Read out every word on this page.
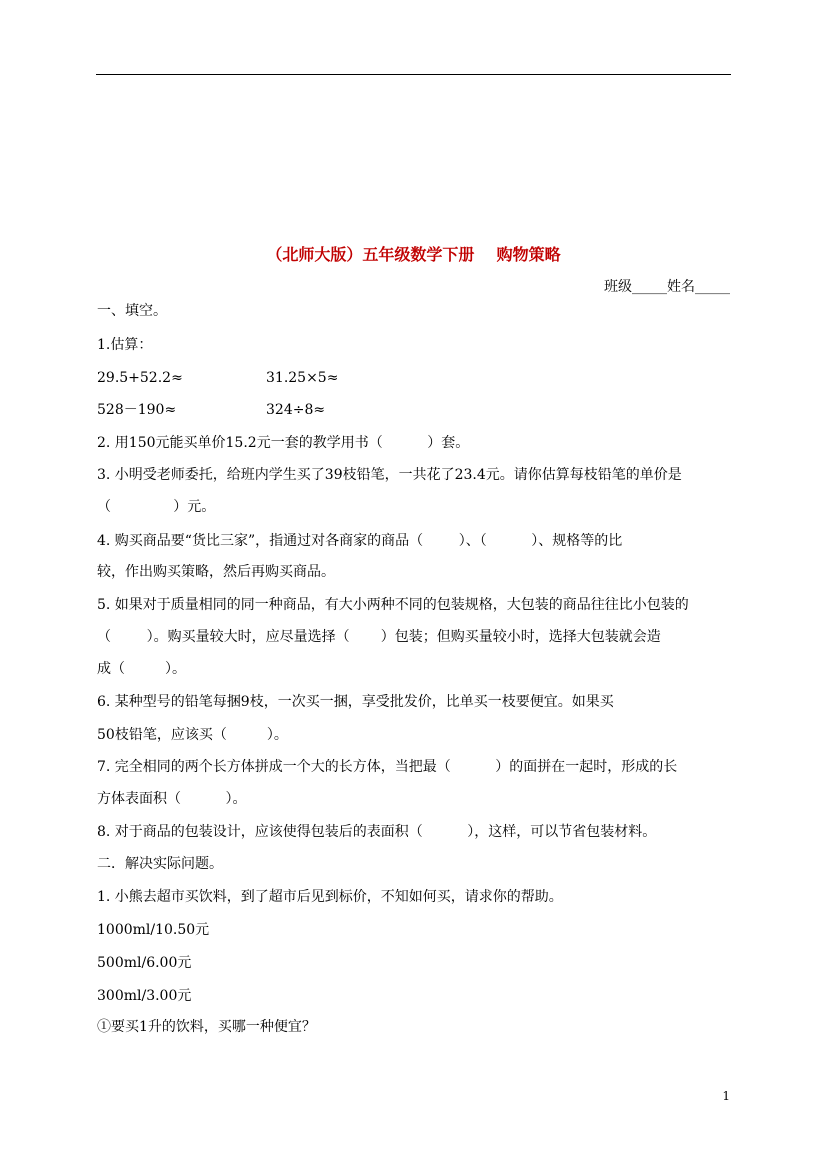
（北师大版）五年级数学下册    购物策略
班级_____姓名_____
一、填空。
1.估算：
29.5+52.2≈	31.25×5≈
528－190≈	324÷8≈
2. 用150元能买单价15.2元一套的教学用书（          ）套。
3. 小明受老师委托，给班内学生买了39枝铅笔，一共花了23.4元。请你估算每枝铅笔的单价是
（              ）元。
4. 购买商品要“货比三家”，指通过对各商家的商品（        ）、（          ）、规格等的比
较，作出购买策略，然后再购买商品。
5. 如果对于质量相同的同一种商品，有大小两种不同的包装规格，大包装的商品往往比小包装的
（        ）。购买量较大时，应尽量选择（       ）包装；但购买量较小时，选择大包装就会造
成（         ）。
6. 某种型号的铅笔每捆9枝，一次买一捆，享受批发价，比单买一枝要便宜。如果买
50枝铅笔，应该买（         ）。
7. 完全相同的两个长方体拼成一个大的长方体，当把最（          ）的面拼在一起时，形成的长
方体表面积（          ）。
8. 对于商品的包装设计，应该使得包装后的表面积（          ），这样，可以节省包装材料。
二．解决实际问题。
1. 小熊去超市买饮料，到了超市后见到标价，不知如何买，请求你的帮助。
1000ml/10.50元
500ml/6.00元
300ml/3.00元
①要买1升的饮料，买哪一种便宜？
1
